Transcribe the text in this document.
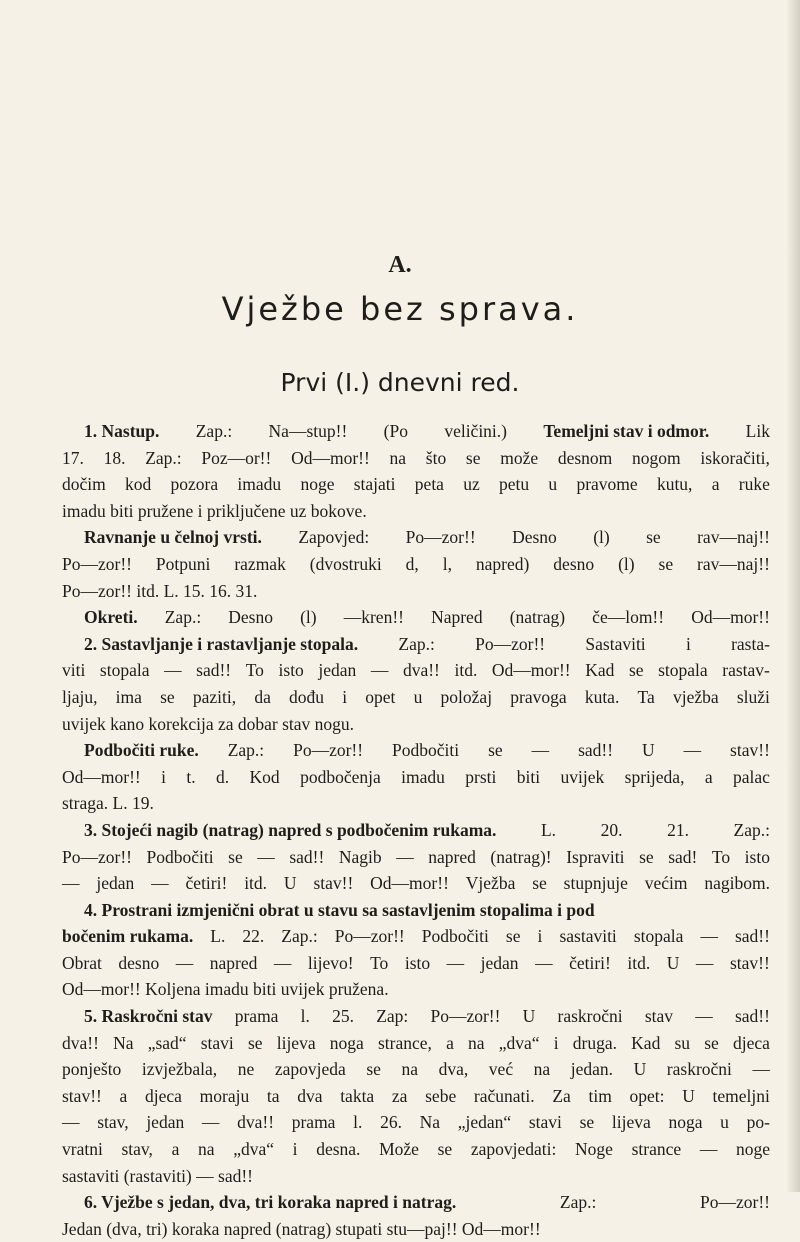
A.
Vježbe bez sprava.
Prvi (I.) dnevni red.
1. Nastup. Zap.: Na—stup!! (Po veličini.) Temeljni stav i odmor. Lik
17. 18. Zap.: Poz—or!! Od—mor!! na što se može desnom nogom iskoračiti,
dočim kod pozora imadu noge stajati peta uz petu u pravome kutu, a ruke
imadu biti pružene i priključene uz bokove.
Ravnanje u čelnoj vrsti. Zapovjed: Po—zor!! Desno (l) se rav—naj!!
Po—zor!! Potpuni razmak (dvostruki d, l, napred) desno (l) se rav—naj!!
Po—zor!! itd. L. 15. 16. 31.
Okreti. Zap.: Desno (l) —kren!! Napred (natrag) če—lom!! Od—mor!!
2. Sastavljanje i rastavljanje stopala. Zap.: Po—zor!! Sastaviti i rasta-
viti stopala — sad!! To isto jedan — dva!! itd. Od—mor!! Kad se stopala rastav-
ljaju, ima se paziti, da dođu i opet u položaj pravoga kuta. Ta vježba služi
uvijek kano korekcija za dobar stav nogu.
Podbočiti ruke. Zap.: Po—zor!! Podbočiti se — sad!! U — stav!!
Od—mor!! i t. d. Kod podbočenja imadu prsti biti uvijek sprijeda, a palac
straga. L. 19.
3. Stojeći nagib (natrag) napred s podbočenim rukama.	L.	20.	21.	Zap.:
Po—zor!! Podbočiti se — sad!! Nagib — napred (natrag)! Ispraviti se sad! To isto
— jedan — četiri! itd. U stav!! Od—mor!! Vježba se stupnjuje većim nagibom.
4. Prostrani izmjenični obrat u stavu sa sastavljenim stopalima i pod
bočenim rukama. L. 22. Zap.: Po—zor!! Podbočiti se i sastaviti stopala — sad!!
Obrat desno — napred — lijevo! To isto — jedan — četiri! itd. U — stav!!
Od—mor!! Koljena imadu biti uvijek pružena.
5. Raskročni stav prama l. 25. Zap: Po—zor!! U raskročni stav — sad!!
dva!! Na „sad“ stavi se lijeva noga strance, a na „dva“ i druga. Kad su se djeca
ponješto izvježbala, ne zapovjeda se na dva, već na jedan. U raskročni —
stav!! a djeca moraju ta dva takta za sebe računati. Za tim opet: U temeljni
— stav, jedan — dva!! prama l. 26. Na „jedan“ stavi se lijeva noga u po-
vratni stav, a na „dva“ i desna. Može se zapovjedati: Noge strance — noge
sastaviti (rastaviti) — sad!!
6. Vježbe s jedan, dva, tri koraka napred i natrag.	Zap.:	Po—zor!!
Jedan (dva, tri) koraka napred (natrag) stupati stu—paj!! Od—mor!!
